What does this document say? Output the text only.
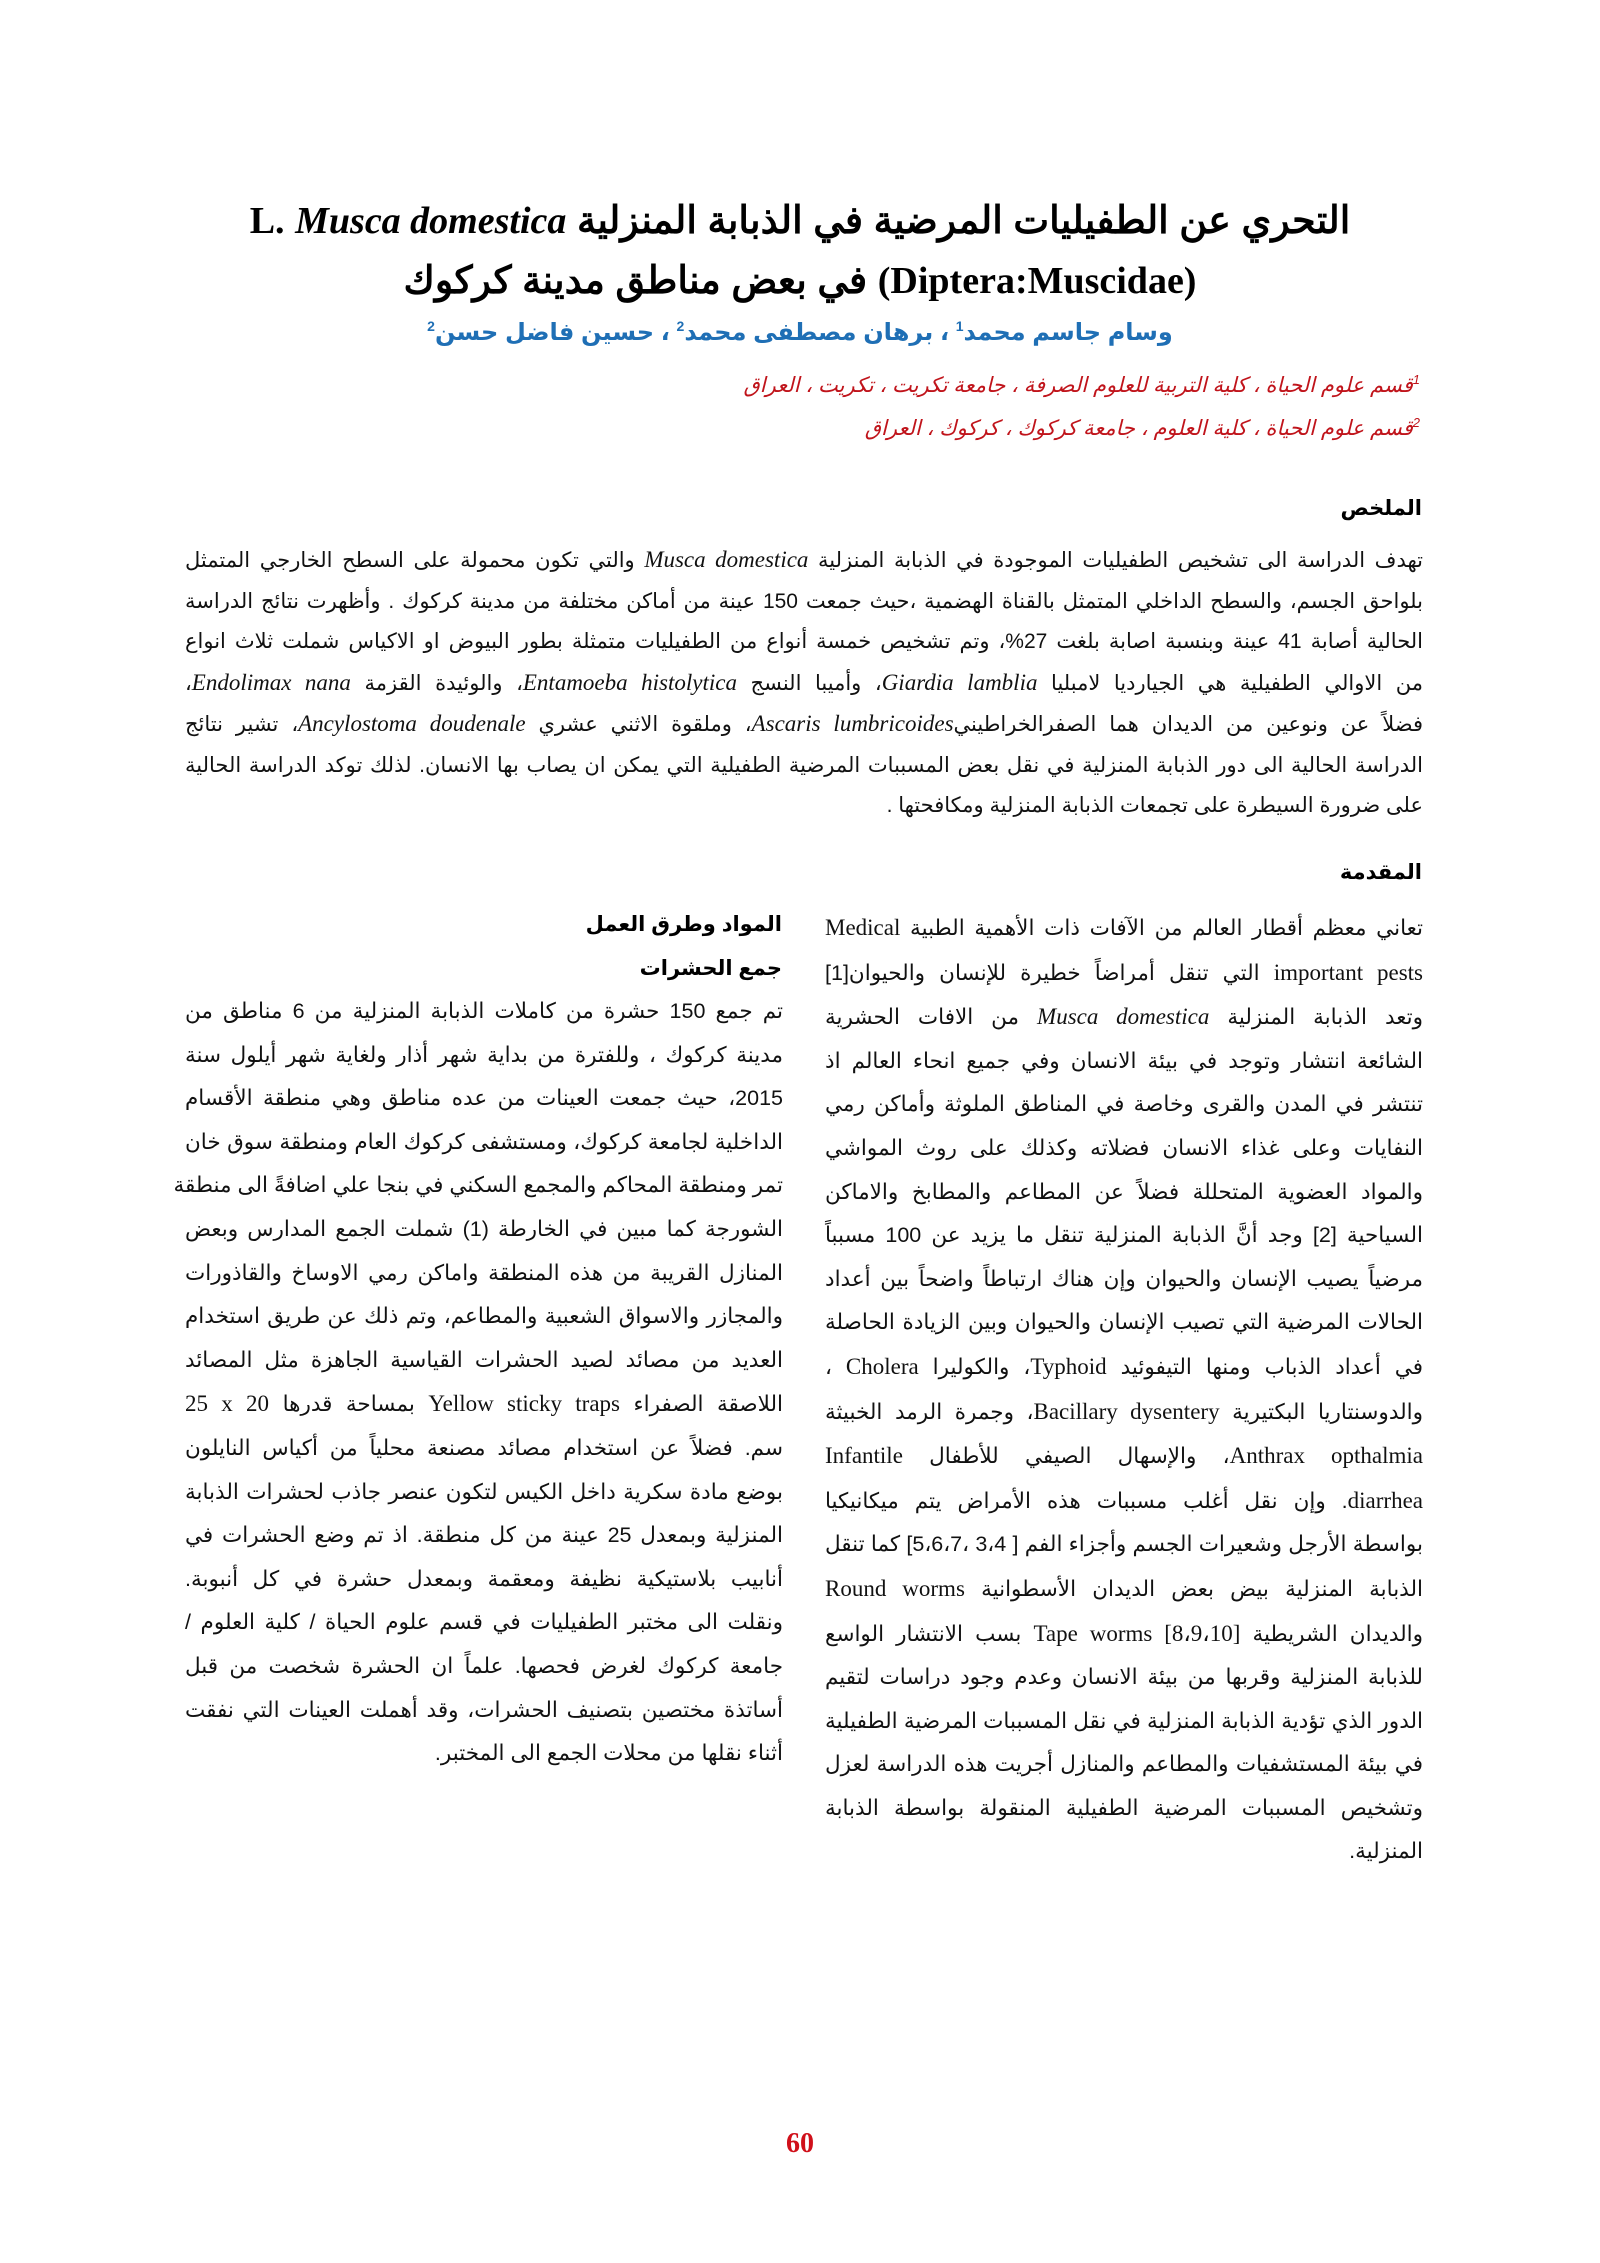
التحري عن الطفيليات المرضية في الذبابة المنزلية Musca domestica L.
(Diptera:Muscidae) في بعض مناطق مدينة كركوك
وسام جاسم محمد$^1$ ، برهان مصطفى محمد$^2$ ، حسين فاضل حسن$^2$
$^1$قسم علوم الحياة ، كلية التربية للعلوم الصرفة ، جامعة تكريت ، تكريت ، العراق
$^2$قسم علوم الحياة ، كلية العلوم ، جامعة كركوك ، كركوك ، العراق
الملخص
تهدف الدراسة الى تشخيص الطفيليات الموجودة في الذبابة المنزلية Musca domestica والتي تكون محمولة على السطح الخارجي المتمثل
بلواحق الجسم، والسطح الداخلي المتمثل بالقناة الهضمية ،حيث جمعت 150 عينة من أماكن مختلفة من مدينة كركوك . وأظهرت نتائج الدراسة
الحالية أصابة 41 عينة وبنسبة اصابة بلغت 27%، وتم تشخيص خمسة أنواع من الطفيليات متمثلة بطور البيوض او الاكياس شملت ثلاث انواع
من الاوالي الطفيلية هي الجيارديا لامبليا Giardia lamblia، وأميبا النسج Entamoeba histolytica، والوئيدة القزمة Endolimax nana،
فضلاً عن ونوعين من الديدان هما الصفرالخراطينيAscaris lumbricoides، وملقوة الاثني عشري Ancylostoma doudenale، تشير نتائج
الدراسة الحالية الى دور الذبابة المنزلية في نقل بعض المسببات المرضية الطفيلية التي يمكن ان يصاب بها الانسان. لذلك توكد الدراسة الحالية
على ضرورة السيطرة على تجمعات الذبابة المنزلية ومكافحتها .
المقدمة
تعاني معظم أقطار العالم من الآفات ذات الأهمية الطبية Medical
important pests التي تنقل أمراضاً خطيرة للإنسان والحيوان[1]
وتعد الذبابة المنزلية Musca domestica من الافات الحشرية
الشائعة انتشار وتوجد في بيئة الانسان وفي جميع انحاء العالم اذ
تنتشر في المدن والقرى وخاصة في المناطق الملوثة وأماكن رمي
النفايات وعلى غذاء الانسان فضلاته وكذلك على روث المواشي
والمواد العضوية المتحللة فضلاً عن المطاعم والمطابخ والاماكن
السياحية [2] وجد أنَّ الذبابة المنزلية تنقل ما يزيد عن 100 مسبباً
مرضياً يصيب الإنسان والحيوان وإن هناك ارتباطاً واضحاً بين أعداد
الحالات المرضية التي تصيب الإنسان والحيوان وبين الزيادة الحاصلة
في أعداد الذباب ومنها التيفوئيد Typhoid، والكوليرا Cholera ،
والدوسنتاريا البكتيرية Bacillary dysentery، وجمرة الرمد الخبيثة
Anthrax opthalmia، والإسهال الصيفي للأطفال Infantile
diarrhea. وإن نقل أغلب مسببات هذه الأمراض يتم ميكانيكيا
بواسطة الأرجل وشعيرات الجسم وأجزاء الفم [ 3،4 ،5،6،7] كما تنقل
الذبابة المنزلية بيض بعض الديدان الأسطوانية Round worms
والديدان الشريطية Tape worms [8،9،10] بسب الانتشار الواسع
للذبابة المنزلية وقربها من بيئة الانسان وعدم وجود دراسات لتقيم
الدور الذي تؤدية الذبابة المنزلية في نقل المسببات المرضية الطفيلية
في بيئة المستشفيات والمطاعم والمنازل أجريت هذه الدراسة لعزل
وتشخيص المسببات المرضية الطفيلية المنقولة بواسطة الذبابة
المنزلية.
المواد وطرق العمل
جمع الحشرات
تم جمع 150 حشرة من كاملات الذبابة المنزلية من 6 مناطق من
مدينة كركوك ، وللفترة من بداية شهر أذار ولغاية شهر أيلول سنة
2015، حيث جمعت العينات من عده مناطق وهي منطقة الأقسام
الداخلية لجامعة كركوك، ومستشفى كركوك العام ومنطقة سوق خان
تمر ومنطقة المحاكم والمجمع السكني في بنجا علي اضافةً الى منطقة
الشورجة كما مبين في الخارطة (1) شملت الجمع المدارس وبعض
المنازل القريبة من هذه المنطقة واماكن رمي الاوساخ والقاذورات
والمجازر والاسواق الشعبية والمطاعم، وتم ذلك عن طريق استخدام
العديد من مصائد لصيد الحشرات القياسية الجاهزة مثل المصائد
اللاصقة الصفراء Yellow sticky traps بمساحة قدرها 25 x 20
سم. فضلاً عن استخدام مصائد مصنعة محلياً من أكياس النايلون
بوضع مادة سكرية داخل الكيس لتكون عنصر جاذب لحشرات الذبابة
المنزلية وبمعدل 25 عينة من كل منطقة. اذ تم وضع الحشرات في
أنابيب بلاستيكية نظيفة ومعقمة وبمعدل حشرة في كل أنبوبة.
ونقلت الى مختبر الطفيليات في قسم علوم الحياة / كلية العلوم /
جامعة كركوك لغرض فحصها. علماً ان الحشرة شخصت من قبل
أساتذة مختصين بتصنيف الحشرات، وقد أهملت العينات التي نفقت
أثناء نقلها من محلات الجمع الى المختبر.
60
